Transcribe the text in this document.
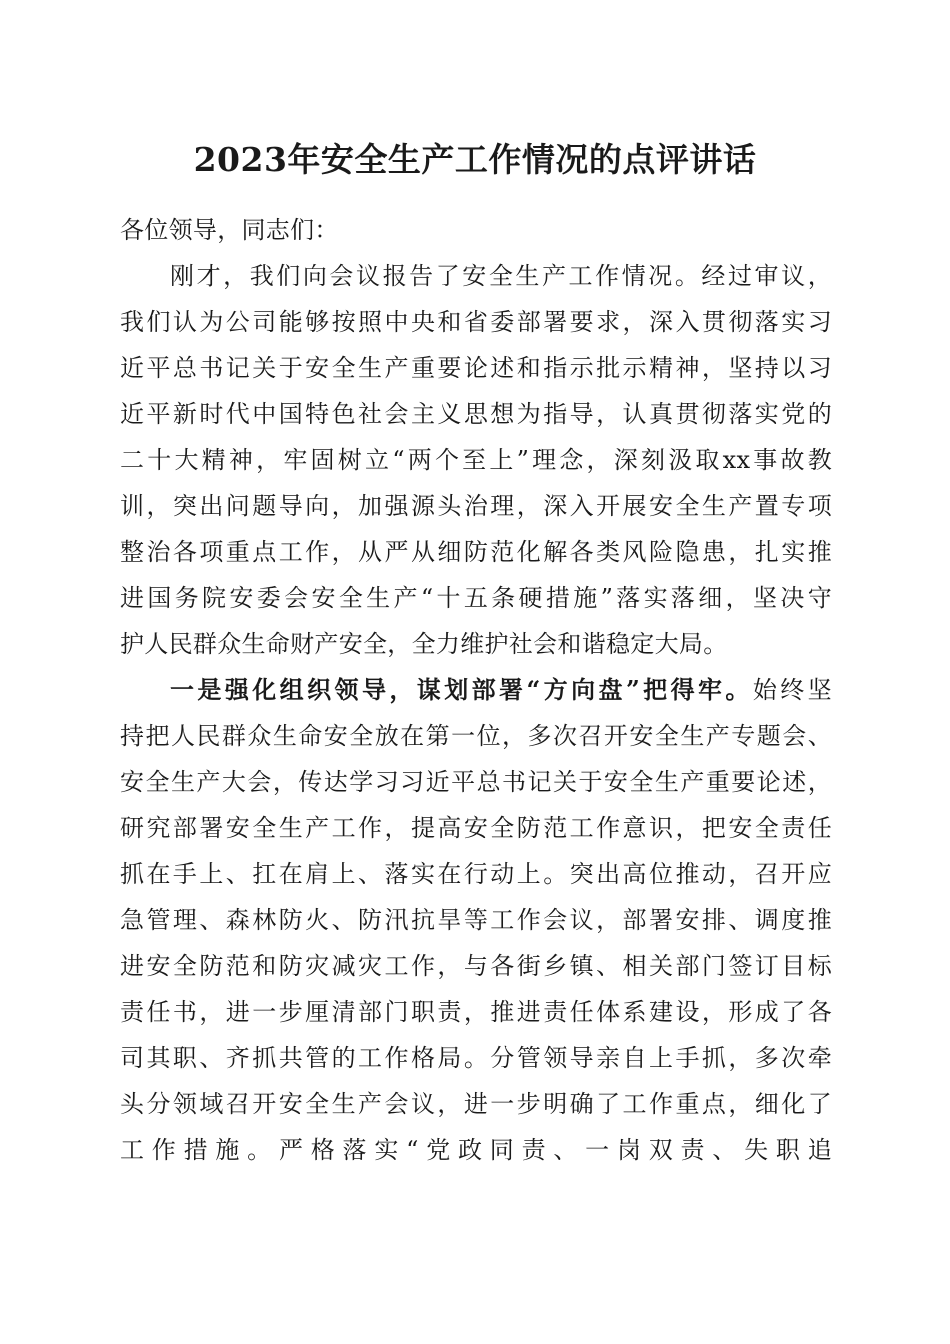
2023年安全生产工作情况的点评讲话
各位领导，同志们：
刚才，我们向会议报告了安全生产工作情况。经过审议，
我们认为公司能够按照中央和省委部署要求，深入贯彻落实习
近平总书记关于安全生产重要论述和指示批示精神，坚持以习
近平新时代中国特色社会主义思想为指导，认真贯彻落实党的
二十大精神，牢固树立“两个至上”理念，深刻汲取xx事故教
训，突出问题导向，加强源头治理，深入开展安全生产置专项
整治各项重点工作，从严从细防范化解各类风险隐患，扎实推
进国务院安委会安全生产“十五条硬措施”落实落细，坚决守
护人民群众生命财产安全，全力维护社会和谐稳定大局。
一是强化组织领导，谋划部署“方向盘”把得牢。始终坚
持把人民群众生命安全放在第一位，多次召开安全生产专题会、
安全生产大会，传达学习习近平总书记关于安全生产重要论述，
研究部署安全生产工作，提高安全防范工作意识，把安全责任
抓在手上、扛在肩上、落实在行动上。突出高位推动，召开应
急管理、森林防火、防汛抗旱等工作会议，部署安排、调度推
进安全防范和防灾减灾工作，与各街乡镇、相关部门签订目标
责任书，进一步厘清部门职责，推进责任体系建设，形成了各
司其职、齐抓共管的工作格局。分管领导亲自上手抓，多次牵
头分领域召开安全生产会议，进一步明确了工作重点，细化了
工作措施。严格落实“党政同责、一岗双责、失职追
